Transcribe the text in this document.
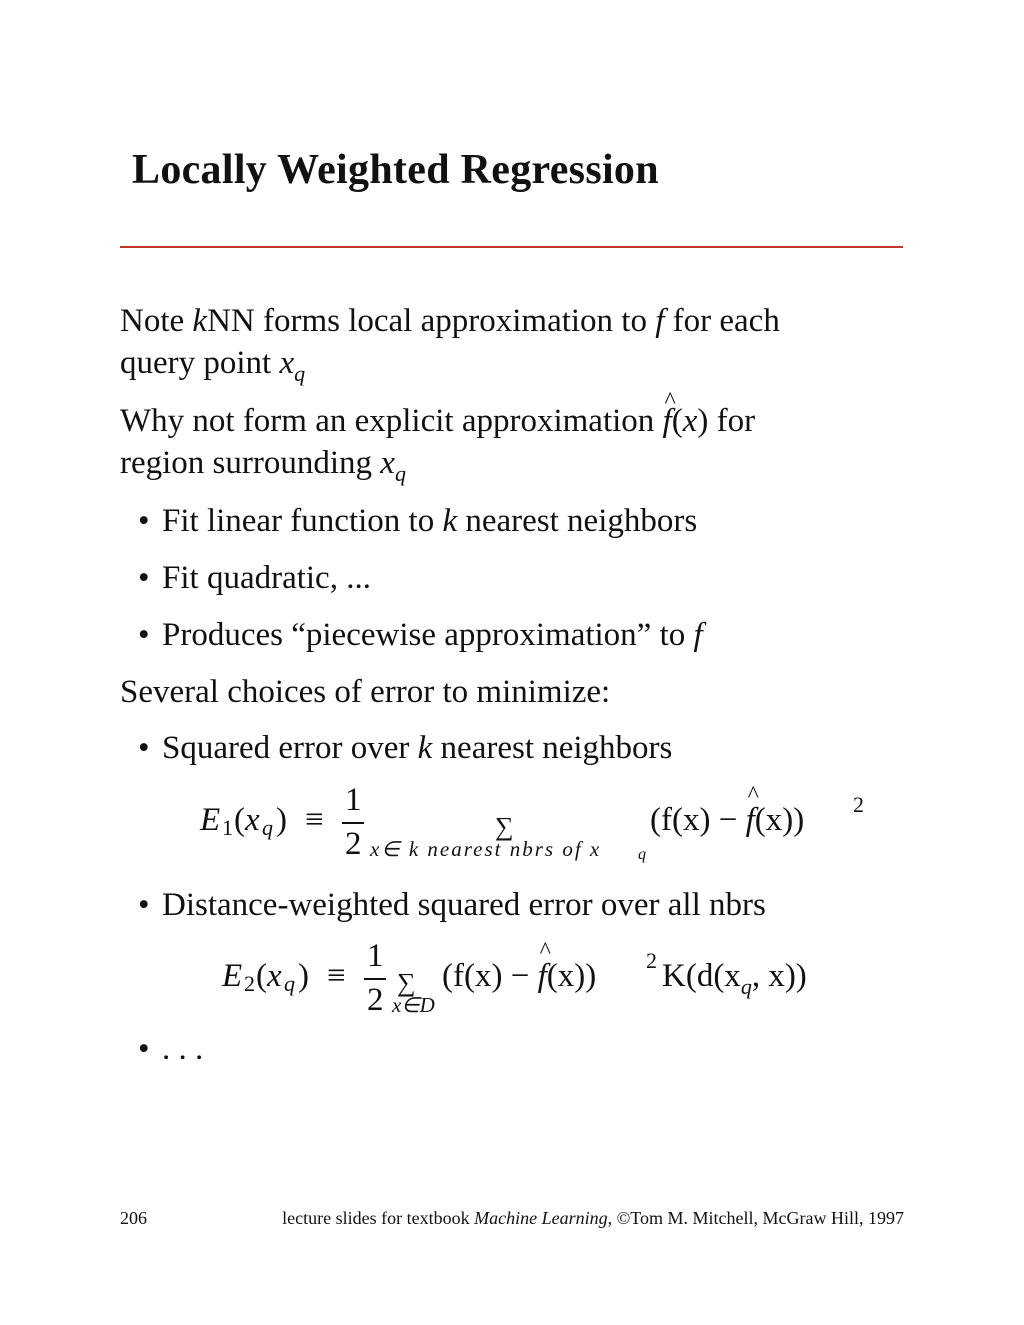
Locally Weighted Regression
Note kNN forms local approximation to f for each
query point $x_q$
Why not form an explicit approximation ^ f(x) for
region surrounding $x_q$
• Fit linear function to k nearest neighbors
• Fit quadratic, ...
• Produces “piecewise approximation” to f
Several choices of error to minimize:
• Squared error over k nearest neighbors
E 1 ( x q ) ≡
1
2	∑
x∈ k nearest nbrs of x q
(f(x) − ^ f(x)) 2
• Distance-weighted squared error over all nbrs
E 2 ( x q ) ≡
1
2 ∑
x∈D
(f(x) − ^ f(x)) 2 $K(d(x_q$, x))
• . . .
206	lecture slides for textbook Machine Learning, ©Tom M. Mitchell, McGraw Hill, 1997
